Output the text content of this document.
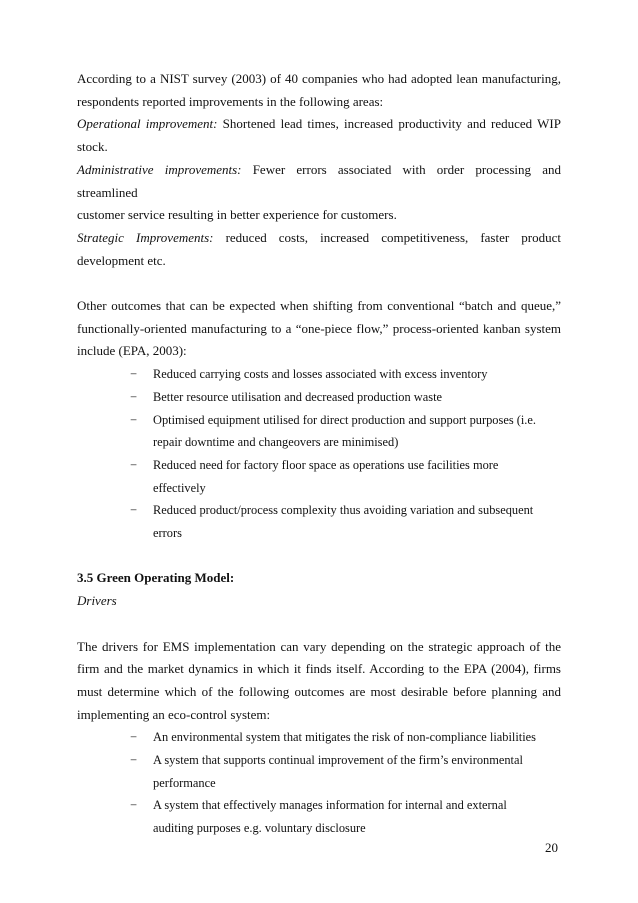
According to a NIST survey (2003) of 40 companies who had adopted lean manufacturing,

respondents reported improvements in the following areas:

Operational improvement: Shortened lead times, increased productivity and reduced WIP

stock.

Administrative improvements: Fewer errors associated with order processing and streamlined

customer service resulting in better experience for customers.

Strategic Improvements: reduced costs, increased competitiveness, faster product

development etc.

Other outcomes that can be expected when shifting from conventional “batch and queue,”

functionally-oriented manufacturing to a “one-piece flow,” process-oriented kanban system

include (EPA, 2003):

− Reduced carrying costs and losses associated with excess inventory
− Better resource utilisation and decreased production waste
− Optimised equipment utilised for direct production and support purposes (i.e.
repair downtime and changeovers are minimised)
− Reduced need for factory floor space as operations use facilities more
effectively
− Reduced product/process complexity thus avoiding variation and subsequent
errors

3.5 Green Operating Model:

Drivers

The drivers for EMS implementation can vary depending on the strategic approach of the

firm and the market dynamics in which it finds itself. According to the EPA (2004), firms

must determine which of the following outcomes are most desirable before planning and

implementing an eco-control system:

− An environmental system that mitigates the risk of non-compliance liabilities
− A system that supports continual improvement of the firm’s environmental
performance
− A system that effectively manages information for internal and external
auditing purposes e.g. voluntary disclosure
20
